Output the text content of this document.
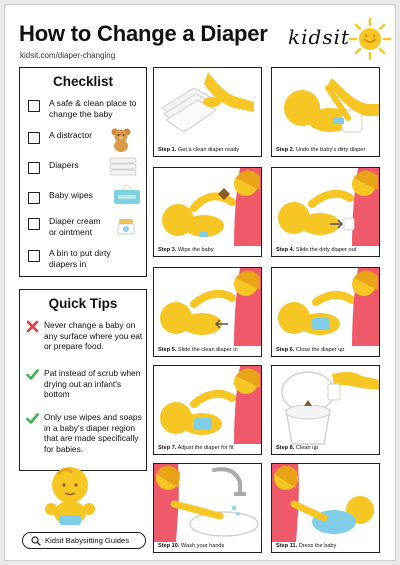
How to Change a Diaper
kidsit.com/diaper-changing
kidsit
Checklist
A safe & clean place to change the baby
A distractor
Diapers
Baby wipes
Diaper cream or ointment
A bin to put dirty diapers in
Quick Tips
Never change a baby on any surface where you eat or prepare food.
Pat instead of scrub when drying out an infant's bottom
Only use wipes and soaps in a baby's diaper region that are made specifically for babies.
Step 1. Get a clean diaper ready	Step 2. Undo the baby's dirty diaper
Step 3. Wipe the baby	Step 4. Slide the dirty diaper out
Step 5. Slide the clean diaper in	Step 6. Close the diaper up
Step 7. Adjust the diaper for fit	Step 8. Clean up
Step 10. Wash your hands	Step 11. Dress the baby
Kidsit Babysitting Guides
